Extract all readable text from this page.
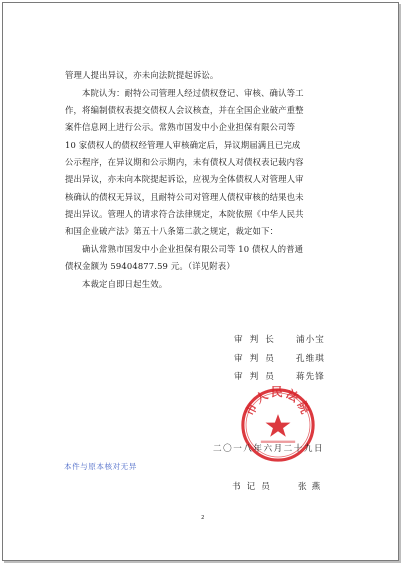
管理人提出异议，亦未向法院提起诉讼。
本院认为：耐特公司管理人经过债权登记、审核、确认等工
作，将编制债权表提交债权人会议核查，并在全国企业破产重整
案件信息网上进行公示。常熟市国发中小企业担保有限公司等
10 家债权人的债权经管理人审核确定后，异议期届满且已完成
公示程序，在异议期和公示期内，未有债权人对债权表记载内容
提出异议，亦未向本院提起诉讼，应视为全体债权人对管理人审
核确认的债权无异议，且耐特公司对管理人债权审核的结果也未
提出异议。管理人的请求符合法律规定，本院依照《中华人民共
和国企业破产法》第五十八条第二款之规定，裁定如下：
确认常熟市国发中小企业担保有限公司等 10 债权人的普通
债权金额为 59404877.59 元。（详见附表）
本裁定自即日起生效。
审判长 浦小宝
审判员 孔维琪
审判员 蒋先锋
市人民法院
二〇一八年六月二十九日
本件与原本核对无异
书记员	张燕
2
